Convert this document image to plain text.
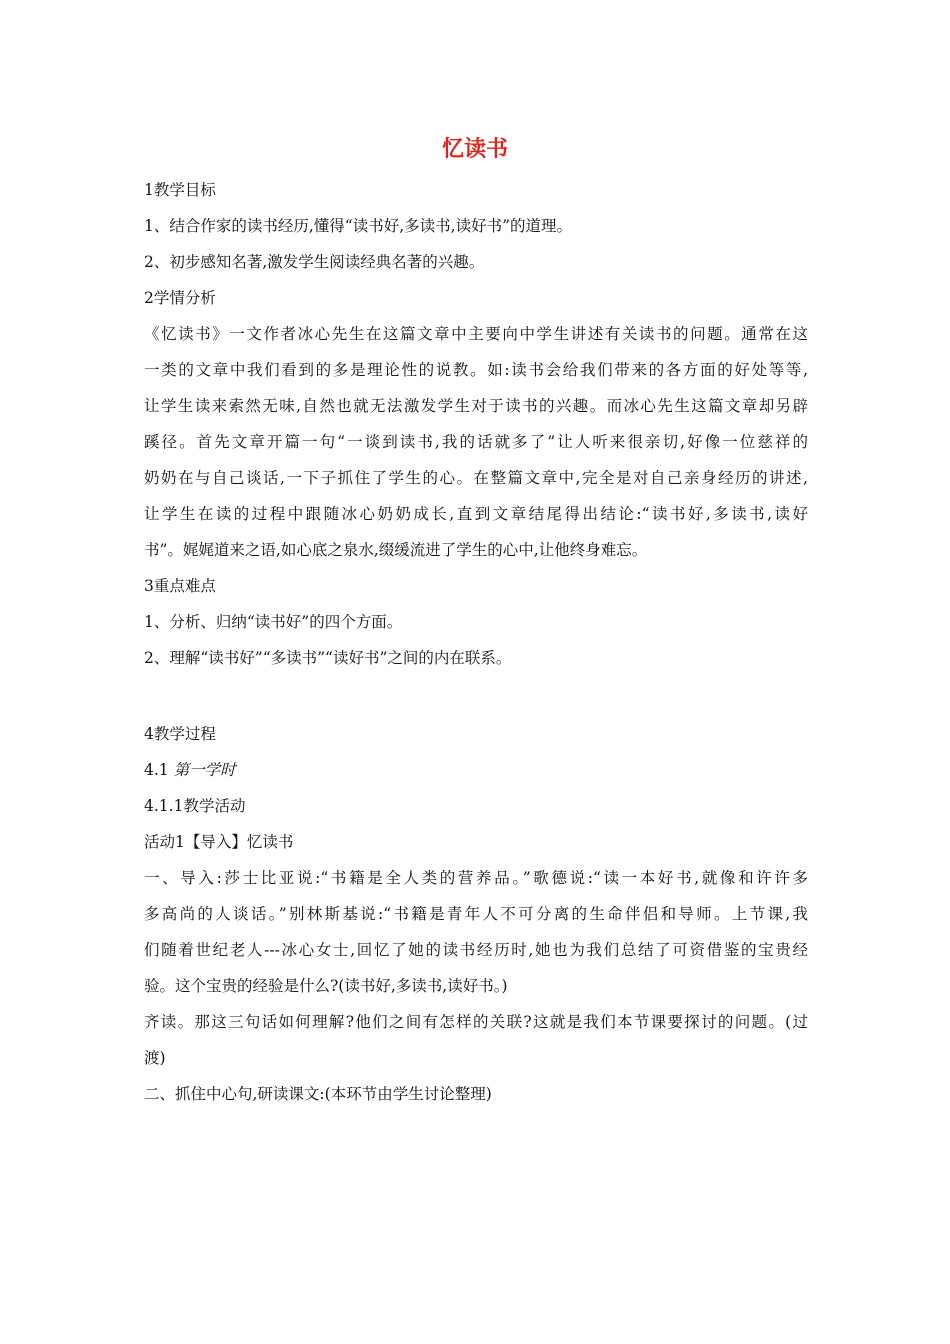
忆读书
1教学目标
1、结合作家的读书经历,懂得“读书好,多读书,读好书”的道理。
2、初步感知名著,激发学生阅读经典名著的兴趣。
2学情分析
《忆读书》一文作者冰心先生在这篇文章中主要向中学生讲述有关读书的问题。通常在这
一类的文章中我们看到的多是理论性的说教。如:读书会给我们带来的各方面的好处等等,
让学生读来索然无味,自然也就无法激发学生对于读书的兴趣。而冰心先生这篇文章却另辟
蹊径。首先文章开篇一句“一谈到读书,我的话就多了”让人听来很亲切,好像一位慈祥的
奶奶在与自己谈话,一下子抓住了学生的心。在整篇文章中,完全是对自己亲身经历的讲述,
让学生在读的过程中跟随冰心奶奶成长,直到文章结尾得出结论:“读书好,多读书,读好
书”。娓娓道来之语,如心底之泉水,缀缓流进了学生的心中,让他终身难忘。
3重点难点
1、分析、归纳“读书好”的四个方面。
2、理解“读书好”“多读书”“读好书”之间的内在联系。
4教学过程
4.1 第一学时
4.1.1教学活动
活动1【导入】忆读书
一、导入:莎士比亚说:“书籍是全人类的营养品。”歌德说:“读一本好书,就像和许许多
多高尚的人谈话。”别林斯基说:“书籍是青年人不可分离的生命伴侣和导师。上节课,我
们随着世纪老人---冰心女士,回忆了她的读书经历时,她也为我们总结了可资借鉴的宝贵经
验。这个宝贵的经验是什么?(读书好,多读书,读好书。)
齐读。那这三句话如何理解?他们之间有怎样的关联?这就是我们本节课要探讨的问题。(过
渡)
二、抓住中心句,研读课文:(本环节由学生讨论整理)
